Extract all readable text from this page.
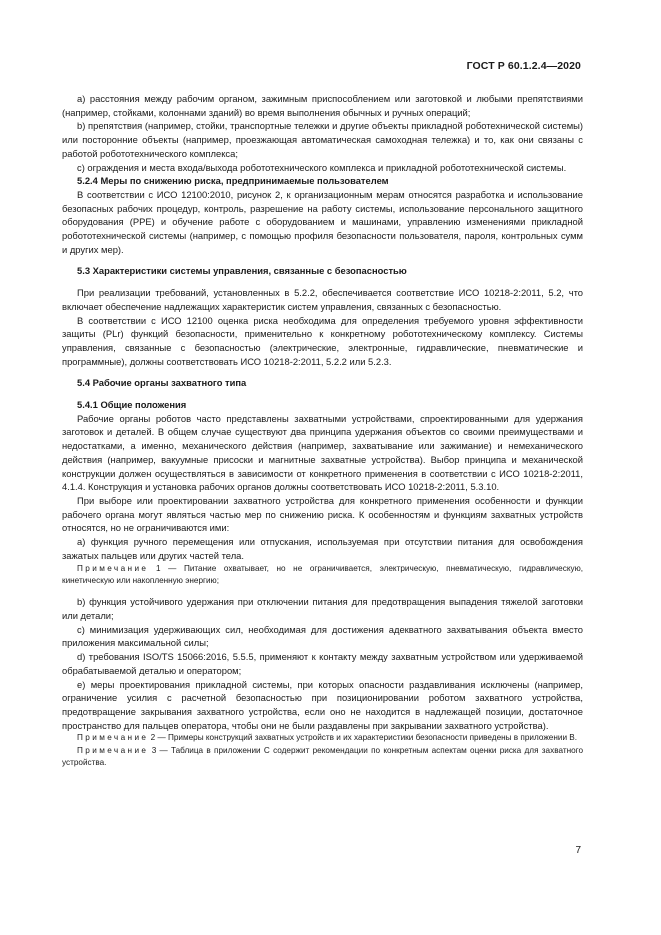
ГОСТ Р 60.1.2.4—2020

а) расстояния между рабочим органом, зажимным приспособлением или заготовкой и любыми препятствиями (например, стойками, колоннами зданий) во время выполнения обычных и ручных операций;

b) препятствия (например, стойки, транспортные тележки и другие объекты прикладной роботехнической системы) или посторонние объекты (например, проезжающая автоматическая самоходная тележка) и то, как они связаны с работой робототехнического комплекса;

c) ограждения и места входа/выхода робототехнического комплекса и прикладной робототехнической системы.

5.2.4 Меры по снижению риска, предпринимаемые пользователем

В соответствии с ИСО 12100:2010, рисунок 2, к организационным мерам относятся разработка и использование безопасных рабочих процедур, контроль, разрешение на работу системы, использование персонального защитного оборудования (PPE) и обучение работе с оборудованием и машинами, управлению изменениями прикладной робототехнической системы (например, с помощью профиля безопасности пользователя, пароля, контрольных сумм и других мер).

5.3 Характеристики системы управления, связанные с безопасностью

При реализации требований, установленных в 5.2.2, обеспечивается соответствие ИСО 10218-2:2011, 5.2, что включает обеспечение надлежащих характеристик систем управления, связанных с безопасностью.

В соответствии с ИСО 12100 оценка риска необходима для определения требуемого уровня эффективности защиты (PLr) функций безопасности, применительно к конкретному робототехническому комплексу. Системы управления, связанные с безопасностью (электрические, электронные, гидравлические, пневматические и программные), должны соответствовать ИСО 10218-2:2011, 5.2.2 или 5.2.3.

5.4 Рабочие органы захватного типа

5.4.1 Общие положения

Рабочие органы роботов часто представлены захватными устройствами, спроектированными для удержания заготовок и деталей. В общем случае существуют два принципа удержания объектов со своими преимуществами и недостатками, а именно, механического действия (например, захватывание или зажимание) и немеханического действия (например, вакуумные присоски и магнитные захватные устройства). Выбор принципа и механической конструкции должен осуществляться в зависимости от конкретного применения в соответствии с ИСО 10218-2:2011, 4.1.4. Конструкция и установка рабочих органов должны соответствовать ИСО 10218-2:2011, 5.3.10.

При выборе или проектировании захватного устройства для конкретного применения особенности и функции рабочего органа могут являться частью мер по снижению риска. К особенностям и функциям захватных устройств относятся, но не ограничиваются ими:

а) функция ручного перемещения или отпускания, используемая при отсутствии питания для освобождения зажатых пальцев или других частей тела.

Примечание 1 — Питание охватывает, но не ограничивается, электрическую, пневматическую, гидравлическую, кинетическую или накопленную энергию;

b) функция устойчивого удержания при отключении питания для предотвращения выпадения тяжелой заготовки или детали;

c) минимизация удерживающих сил, необходимая для достижения адекватного захватывания объекта вместо приложения максимальной силы;

d) требования ISO/TS 15066:2016, 5.5.5, применяют к контакту между захватным устройством или удерживаемой обрабатываемой деталью и оператором;

e) меры проектирования прикладной системы, при которых опасности раздавливания исключены (например, ограничение усилия с расчетной безопасностью при позиционировании роботом захватного устройства, предотвращение закрывания захватного устройства, если оно не находится в надлежащей позиции, достаточное пространство для пальцев оператора, чтобы они не были раздавлены при закрывании захватного устройства).

Примечание 2 — Примеры конструкций захватных устройств и их характеристики безопасности приведены в приложении В.

Примечание 3 — Таблица в приложении С содержит рекомендации по конкретным аспектам оценки риска для захватного устройства.

7
